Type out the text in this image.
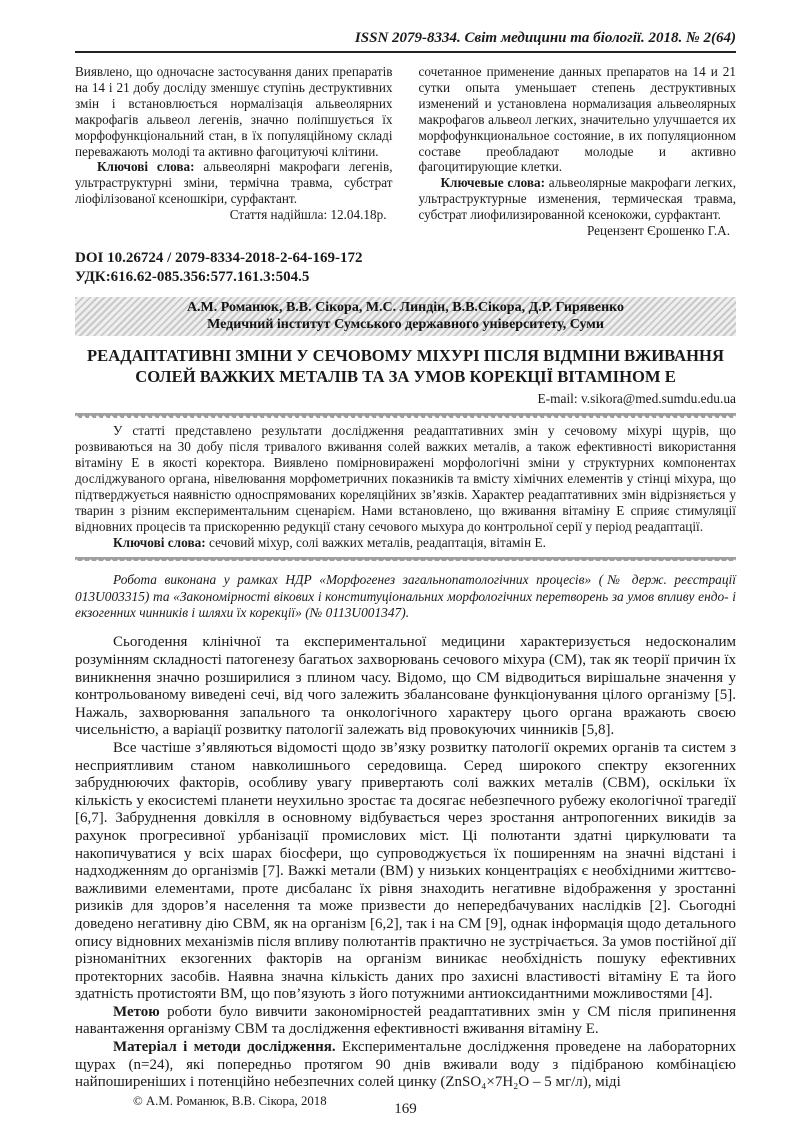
ISSN 2079-8334. Світ медицини та біології. 2018. № 2(64)

Виявлено, що одночасне застосування даних препаратів на 14 і 21 добу досліду зменшує ступінь деструктивних змін і встановлюється нормалізація альвеолярних макрофагів альвеол легенів, значно поліпшується їх морфофункціональний стан, в їх популяційному складі переважають молоді та активно фагоцитуючі клітини.

Ключові слова: альвеолярні макрофаги легенів, ультраструктурні зміни, термічна травма, субстрат ліофілізованої ксеношкіри, сурфактант.

Стаття надійшла: 12.04.18р.

сочетанное применение данных препаратов на 14 и 21 сутки опыта уменьшает степень деструктивных изменений и установлена нормализация альвеолярных макрофагов альвеол легких, значительно улучшается их морфофункциональное состояние, в их популяционном составе преобладают молодые и активно фагоцитирующие клетки.

Ключевые слова: альвеолярные макрофаги легких, ультраструктурные изменения, термическая травма, субстрат лиофилизированной ксенокожи, сурфактант.

Рецензент Єрошенко Г.А.

DOI 10.26724 / 2079-8334-2018-2-64-169-172
УДК:616.62-085.356:577.161.3:504.5
А.М. Романюк, В.В. Сікора, М.С. Линдін, В.В.Сікора, Д.Р. Гирявенко
Медичний інститут Сумського державного університету, Суми
РЕАДАПТАТИВНІ ЗМІНИ У СЕЧОВОМУ МІХУРІ ПІСЛЯ ВІДМІНИ ВЖИВАННЯ СОЛЕЙ ВАЖКИХ МЕТАЛІВ ТА ЗА УМОВ КОРЕКЦІЇ ВІТАМІНОМ Е
E-mail: v.sikora@med.sumdu.edu.ua

У статті представлено результати дослідження реадаптативних змін у сечовому міхурі щурів, що розвиваються на 30 добу після тривалого вживання солей важких металів, а також ефективності використання вітаміну Е в якості коректора. Виявлено помірновиражені морфологічні зміни у структурних компонентах досліджуваного органа, нівелювання морфометричних показників та вмісту хімічних елементів у стінці міхура, що підтверджується наявністю односпрямованих кореляційних зв’язків. Характер реадаптативних змін відрізняється у тварин з різним експериментальним сценарієм. Нами встановлено, що вживання вітаміну Е сприяє стимуляції відновних процесів та прискоренню редукції стану сечового мыхура до контрольної серії у період реадаптації.

Ключові слова: сечовий міхур, солі важких металів, реадаптація, вітамін Е.

Робота виконана у рамках НДР «Морфогенез загальнопатологічних процесів» (№ держ. реєстрації 013U003315) та «Закономірності вікових і конституціональних морфологічних перетворень за умов впливу ендо- і екзогенних чинників і шляхи їх корекції» (№ 0113U001347).

Сьогодення клінічної та експериментальної медицини характеризується недосконалим розумінням складності патогенезу багатьох захворювань сечового міхура (СМ), так як теорії причин їх виникнення значно розширилися з плином часу. Відомо, що СМ відводиться вирішальне значення у контрольованому виведені сечі, від чого залежить збалансоване функціонування цілого організму [5]. Нажаль, захворювання запального та онкологічного характеру цього органа вражають своєю чисельністю, а варіації розвитку патології залежать від провокуючих чинників [5,8].

Все частіше з’являються відомості щодо зв’язку розвитку патології окремих органів та систем з несприятливим станом навколишнього середовища. Серед широкого спектру екзогенних забруднюючих факторів, особливу увагу привертають солі важких металів (СВМ), оскільки їх кількість у екосистемі планети неухильно зростає та досягає небезпечного рубежу екологічної трагедії [6,7]. Забруднення довкілля в основному відбувається через зростання антропогенних викидів за рахунок прогресивної урбанізації промислових міст. Ці полютанти здатні циркулювати та накопичуватися у всіх шарах біосфери, що супроводжується їх поширенням на значні відстані і надходженням до організмів [7]. Важкі метали (ВМ) у низьких концентраціях є необхідними життєво-важливими елементами, проте дисбаланс їх рівня знаходить негативне відображення у зростанні ризиків для здоров’я населення та може призвести до непередбачуваних наслідків [2]. Сьогодні доведено негативну дію СВМ, як на організм [6,2], так і на СМ [9], однак інформація щодо детального опису відновних механізмів після впливу полютантів практично не зустрічається. За умов постійної дії різноманітних екзогенних факторів на організм виникає необхідність пошуку ефективних протекторних засобів. Наявна значна кількість даних про захисні властивості вітаміну Е та його здатність протистояти ВМ, що пов’язують з його потужними антиоксидантними можливостями [4].

Метою роботи було вивчити закономірностей реадаптативних змін у СМ після припинення навантаження організму СВМ та дослідження ефективності вживання вітаміну Е.

Матеріал і методи дослідження. Експериментальне дослідження проведене на лабораторних щурах (n=24), які попередньо протягом 90 днів вживали воду з підібраною комбінацією найпоширеніших і потенційно небезпечних солей цинку (ZnSO₄×7H₂O – 5 мг/л), міді

© А.М. Романюк, В.В. Сікора, 2018	169
